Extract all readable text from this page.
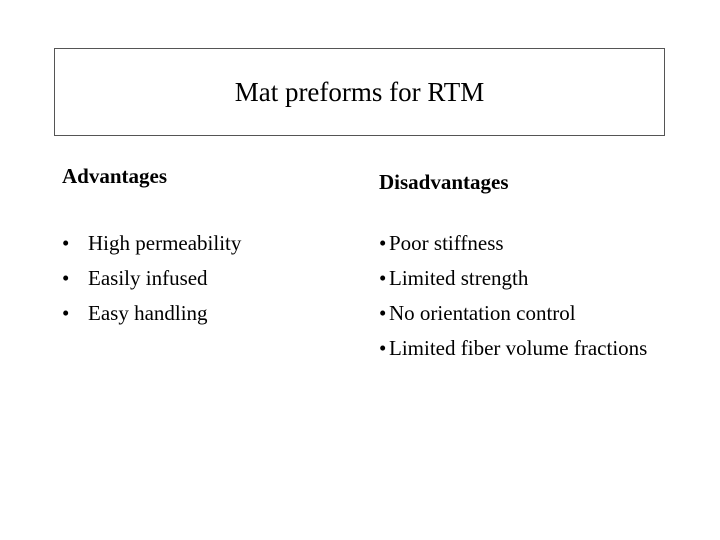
Mat preforms for RTM
Advantages	Disadvantages
• High permeability
• Easily infused
• Easy handling
• Poor stiffness
• Limited strength
• No orientation control
• Limited fiber volume fractions
